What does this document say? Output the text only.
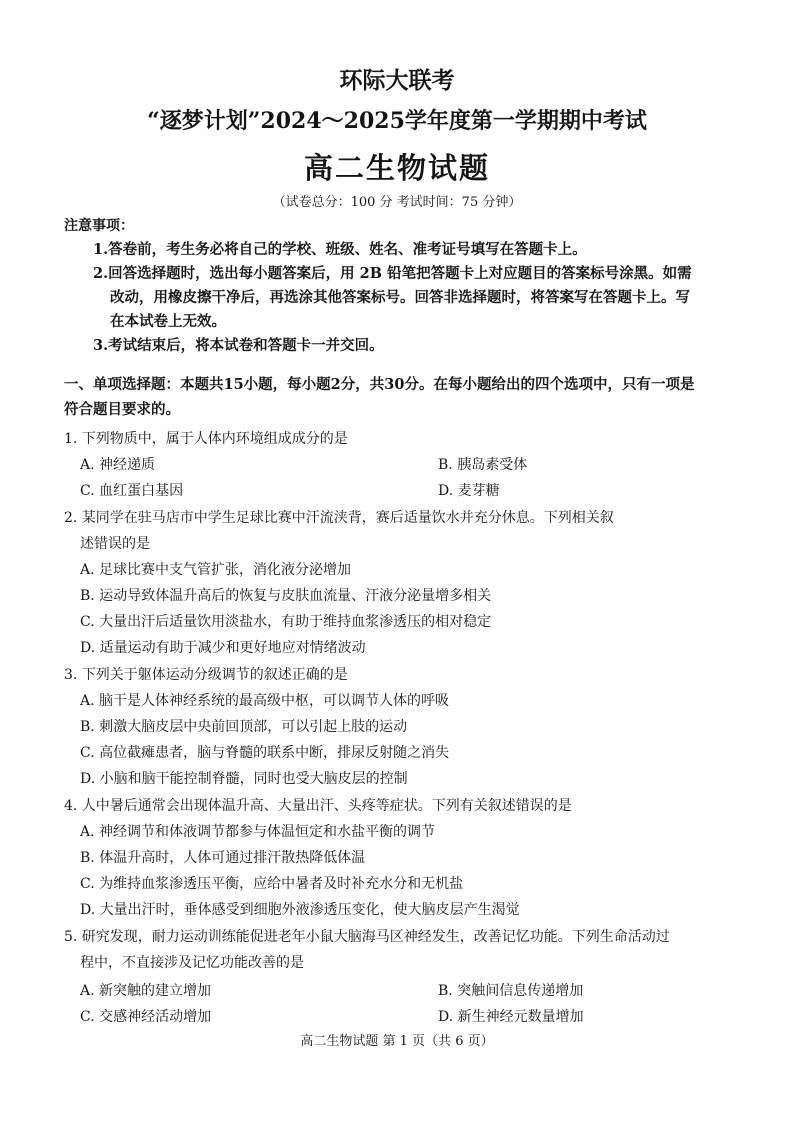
环际大联考
“逐梦计划”2024～2025学年度第一学期期中考试
高二生物试题
（试卷总分：100 分 考试时间：75 分钟）
注意事项：
1.答卷前，考生务必将自己的学校、班级、姓名、准考证号填写在答题卡上。
2.回答选择题时，选出每小题答案后，用 2B 铅笔把答题卡上对应题目的答案标号涂黑。如需
改动，用橡皮擦干净后，再选涂其他答案标号。回答非选择题时，将答案写在答题卡上。写
在本试卷上无效。
3.考试结束后，将本试卷和答题卡一并交回。
一、单项选择题：本题共15小题，每小题2分，共30分。在每小题给出的四个选项中，只有一项是
符合题目要求的。
1. 下列物质中，属于人体内环境组成成分的是
A. 神经递质	B. 胰岛素受体
C. 血红蛋白基因	D. 麦芽糖
2. 某同学在驻马店市中学生足球比赛中汗流浃背，赛后适量饮水并充分休息。下列相关叙
述错误的是
A. 足球比赛中支气管扩张，消化液分泌增加
B. 运动导致体温升高后的恢复与皮肤血流量、汗液分泌量增多相关
C. 大量出汗后适量饮用淡盐水，有助于维持血浆渗透压的相对稳定
D. 适量运动有助于减少和更好地应对情绪波动
3. 下列关于躯体运动分级调节的叙述正确的是
A. 脑干是人体神经系统的最高级中枢，可以调节人体的呼吸
B. 刺激大脑皮层中央前回顶部，可以引起上肢的运动
C. 高位截瘫患者，脑与脊髓的联系中断，排尿反射随之消失
D. 小脑和脑干能控制脊髓，同时也受大脑皮层的控制
4. 人中暑后通常会出现体温升高、大量出汗、头疼等症状。下列有关叙述错误的是
A. 神经调节和体液调节都参与体温恒定和水盐平衡的调节
B. 体温升高时，人体可通过排汗散热降低体温
C. 为维持血浆渗透压平衡，应给中暑者及时补充水分和无机盐
D. 大量出汗时，垂体感受到细胞外液渗透压变化，使大脑皮层产生渴觉
5. 研究发现，耐力运动训练能促进老年小鼠大脑海马区神经发生，改善记忆功能。下列生命活动过
程中，不直接涉及记忆功能改善的是
A. 新突触的建立增加	B. 突触间信息传递增加
C. 交感神经活动增加	D. 新生神经元数量增加
高二生物试题 第 1 页（共 6 页）
